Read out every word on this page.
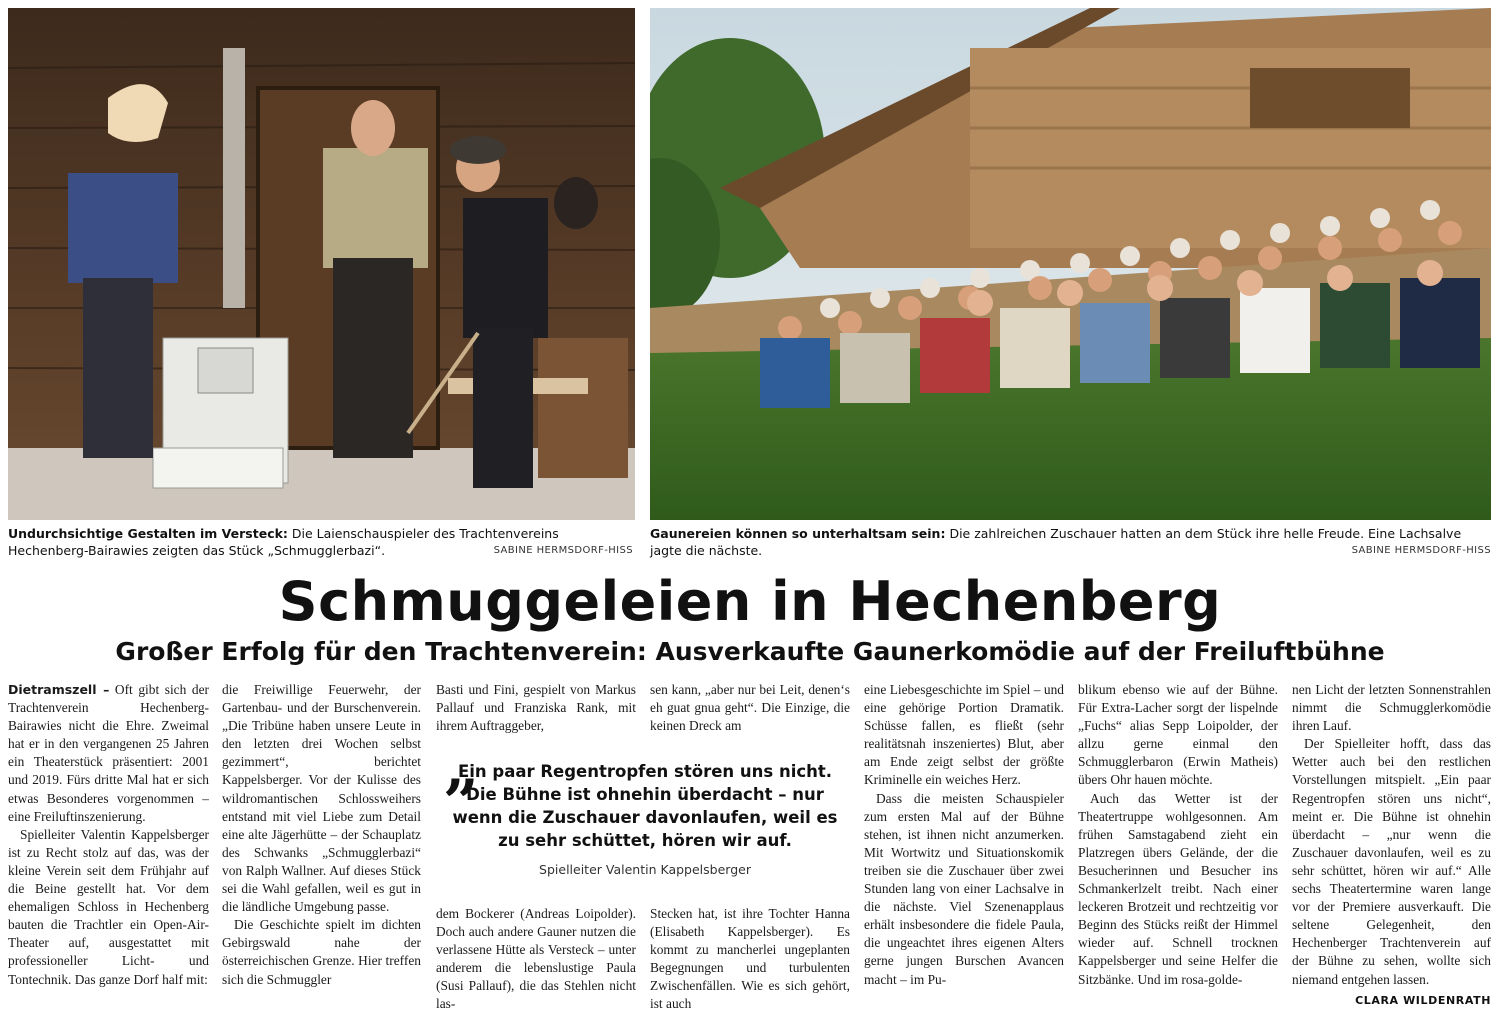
Undurchsichtige Gestalten im Versteck: Die Laienschauspieler des Trachtenvereins Hechenberg-Bairawies zeigten das Stück „Schmugglerbazi“.	SABINE HERMSDORF-HISS
Gaunereien können so unterhaltsam sein: Die zahlreichen Zuschauer hatten an dem Stück ihre helle Freude. Eine Lachsalve jagte die nächste.	SABINE HERMSDORF-HISS
Schmuggeleien in Hechenberg
Großer Erfolg für den Trachtenverein: Ausverkaufte Gaunerkomödie auf der Freiluftbühne

Dietramszell – Oft gibt sich der Trachtenverein Hechenberg-Bairawies nicht die Ehre. Zweimal hat er in den vergangenen 25 Jahren ein Theaterstück präsentiert: 2001 und 2019. Fürs dritte Mal hat er sich etwas Besonderes vorgenommen – eine Freiluftinszenierung.

Spielleiter Valentin Kappelsberger ist zu Recht stolz auf das, was der kleine Verein seit dem Frühjahr auf die Beine gestellt hat. Vor dem ehemaligen Schloss in Hechenberg bauten die Trachtler ein Open-Air-Theater auf, ausgestattet mit professioneller Licht- und Tontechnik. Das ganze Dorf half mit:

die Freiwillige Feuerwehr, der Gartenbau- und der Burschenverein. „Die Tribüne haben unsere Leute in den letzten drei Wochen selbst gezimmert“, berichtet Kappelsberger. Vor der Kulisse des wildromantischen Schlossweihers entstand mit viel Liebe zum Detail eine alte Jägerhütte – der Schauplatz des Schwanks „Schmugglerbazi“ von Ralph Wallner. Auf dieses Stück sei die Wahl gefallen, weil es gut in die ländliche Umgebung passe.

Die Geschichte spielt im dichten Gebirgswald nahe der österreichischen Grenze. Hier treffen sich die Schmuggler

Basti und Fini, gespielt von Markus Pallauf und Franziska Rank, mit ihrem Auftraggeber,

sen kann, „aber nur bei Leit, denen‘s eh guat gnua geht“. Die Einzige, die keinen Dreck am

„
Ein paar Regentropfen stören uns nicht. Die Bühne ist ohnehin überdacht – nur wenn die Zuschauer davonlaufen, weil es zu sehr schüttet, hören wir auf.
Spielleiter Valentin Kappelsberger

dem Bockerer (Andreas Loipolder). Doch auch andere Gauner nutzen die verlassene Hütte als Versteck – unter anderem die lebenslustige Paula (Susi Pallauf), die das Stehlen nicht las-

Stecken hat, ist ihre Tochter Hanna (Elisabeth Kappelsberger). Es kommt zu mancherlei ungeplanten Begegnungen und turbulenten Zwischenfällen. Wie es sich gehört, ist auch

eine Liebesgeschichte im Spiel – und eine gehörige Portion Dramatik. Schüsse fallen, es fließt (sehr realitätsnah inszeniertes) Blut, aber am Ende zeigt selbst der größte Kriminelle ein weiches Herz.

Dass die meisten Schauspieler zum ersten Mal auf der Bühne stehen, ist ihnen nicht anzumerken. Mit Wortwitz und Situationskomik treiben sie die Zuschauer über zwei Stunden lang von einer Lachsalve in die nächste. Viel Szenenapplaus erhält insbesondere die fidele Paula, die ungeachtet ihres eigenen Alters gerne jungen Burschen Avancen macht – im Pu-

blikum ebenso wie auf der Bühne. Für Extra-Lacher sorgt der lispelnde „Fuchs“ alias Sepp Loipolder, der allzu gerne einmal den Schmugglerbaron (Erwin Matheis) übers Ohr hauen möchte.

Auch das Wetter ist der Theatertruppe wohlgesonnen. Am frühen Samstagabend zieht ein Platzregen übers Gelände, der die Besucherinnen und Besucher ins Schmankerlzelt treibt. Nach einer leckeren Brotzeit und rechtzeitig vor Beginn des Stücks reißt der Himmel wieder auf. Schnell trocknen Kappelsberger und seine Helfer die Sitzbänke. Und im rosa-golde-

nen Licht der letzten Sonnenstrahlen nimmt die Schmugglerkomödie ihren Lauf.

Der Spielleiter hofft, dass das Wetter auch bei den restlichen Vorstellungen mitspielt. „Ein paar Regentropfen stören uns nicht“, meint er. Die Bühne ist ohnehin überdacht – „nur wenn die Zuschauer davonlaufen, weil es zu sehr schüttet, hören wir auf.“ Alle sechs Theatertermine waren lange vor der Premiere ausverkauft. Die seltene Gelegenheit, den Hechenberger Trachtenverein auf der Bühne zu sehen, wollte sich niemand entgehen lassen.

CLARA WILDENRATH
